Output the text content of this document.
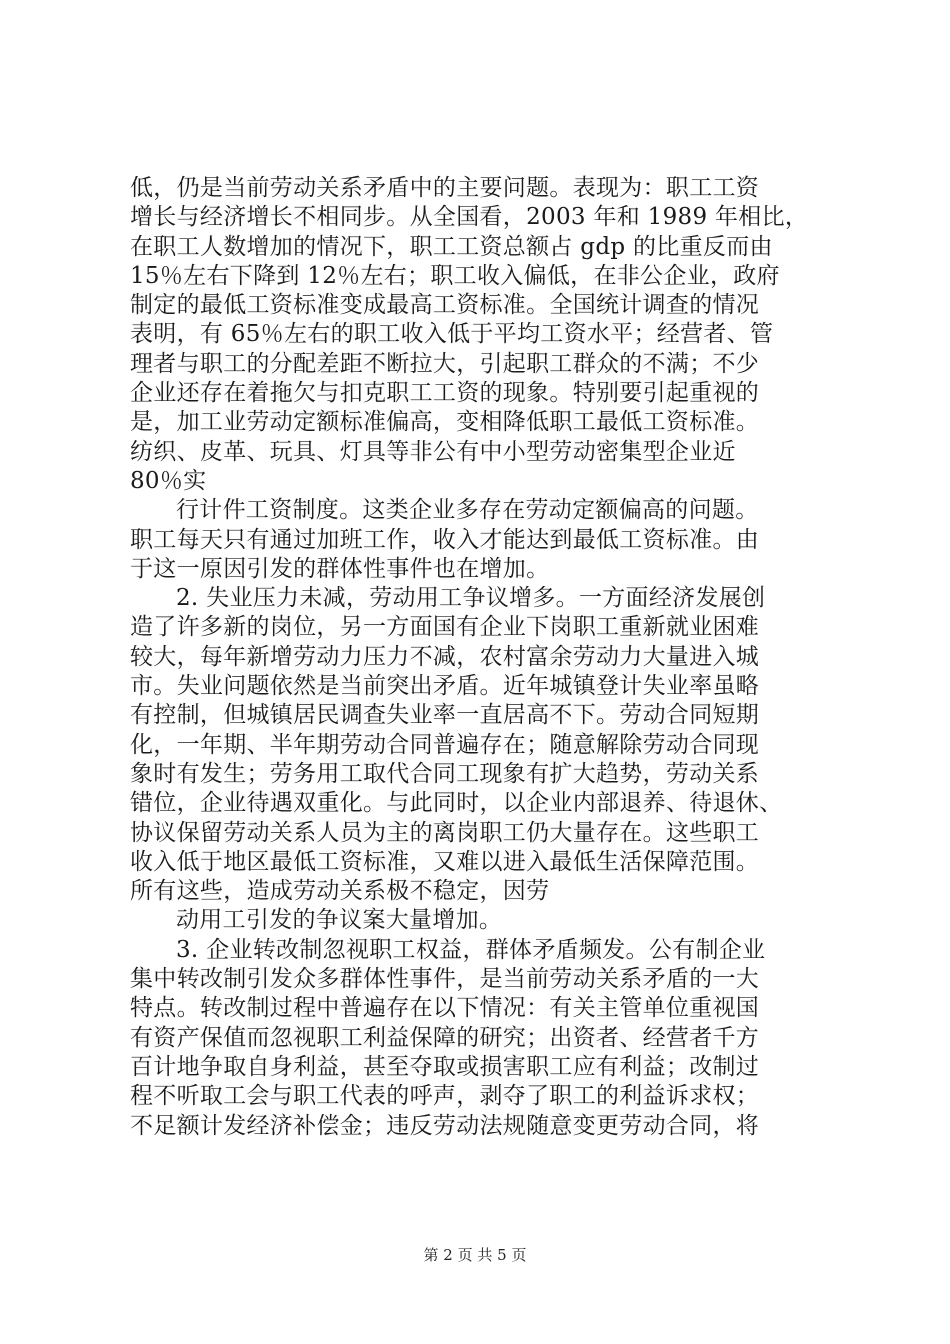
低，仍是当前劳动关系矛盾中的主要问题。表现为：职工工资
增长与经济增长不相同步。从全国看，2003 年和 1989 年相比，
在职工人数增加的情况下，职工工资总额占 gdp 的比重反而由
15％左右下降到 12％左右；职工收入偏低，在非公企业，政府
制定的最低工资标准变成最高工资标准。全国统计调查的情况
表明，有 65％左右的职工收入低于平均工资水平；经营者、管
理者与职工的分配差距不断拉大，引起职工群众的不满；不少
企业还存在着拖欠与扣克职工工资的现象。特别要引起重视的
是，加工业劳动定额标准偏高，变相降低职工最低工资标准。
纺织、皮革、玩具、灯具等非公有中小型劳动密集型企业近
80％实
行计件工资制度。这类企业多存在劳动定额偏高的问题。
职工每天只有通过加班工作，收入才能达到最低工资标准。由
于这一原因引发的群体性事件也在增加。
2. 失业压力未减，劳动用工争议增多。一方面经济发展创
造了许多新的岗位，另一方面国有企业下岗职工重新就业困难
较大，每年新增劳动力压力不减，农村富余劳动力大量进入城
市。失业问题依然是当前突出矛盾。近年城镇登计失业率虽略
有控制，但城镇居民调查失业率一直居高不下。劳动合同短期
化，一年期、半年期劳动合同普遍存在；随意解除劳动合同现
象时有发生；劳务用工取代合同工现象有扩大趋势，劳动关系
错位，企业待遇双重化。与此同时，以企业内部退养、待退休、
协议保留劳动关系人员为主的离岗职工仍大量存在。这些职工
收入低于地区最低工资标准，又难以进入最低生活保障范围。
所有这些，造成劳动关系极不稳定，因劳
动用工引发的争议案大量增加。
3. 企业转改制忽视职工权益，群体矛盾频发。公有制企业
集中转改制引发众多群体性事件，是当前劳动关系矛盾的一大
特点。转改制过程中普遍存在以下情况：有关主管单位重视国
有资产保值而忽视职工利益保障的研究；出资者、经营者千方
百计地争取自身利益，甚至夺取或损害职工应有利益；改制过
程不听取工会与职工代表的呼声，剥夺了职工的利益诉求权；
不足额计发经济补偿金；违反劳动法规随意变更劳动合同，将
第 2 页 共 5 页
